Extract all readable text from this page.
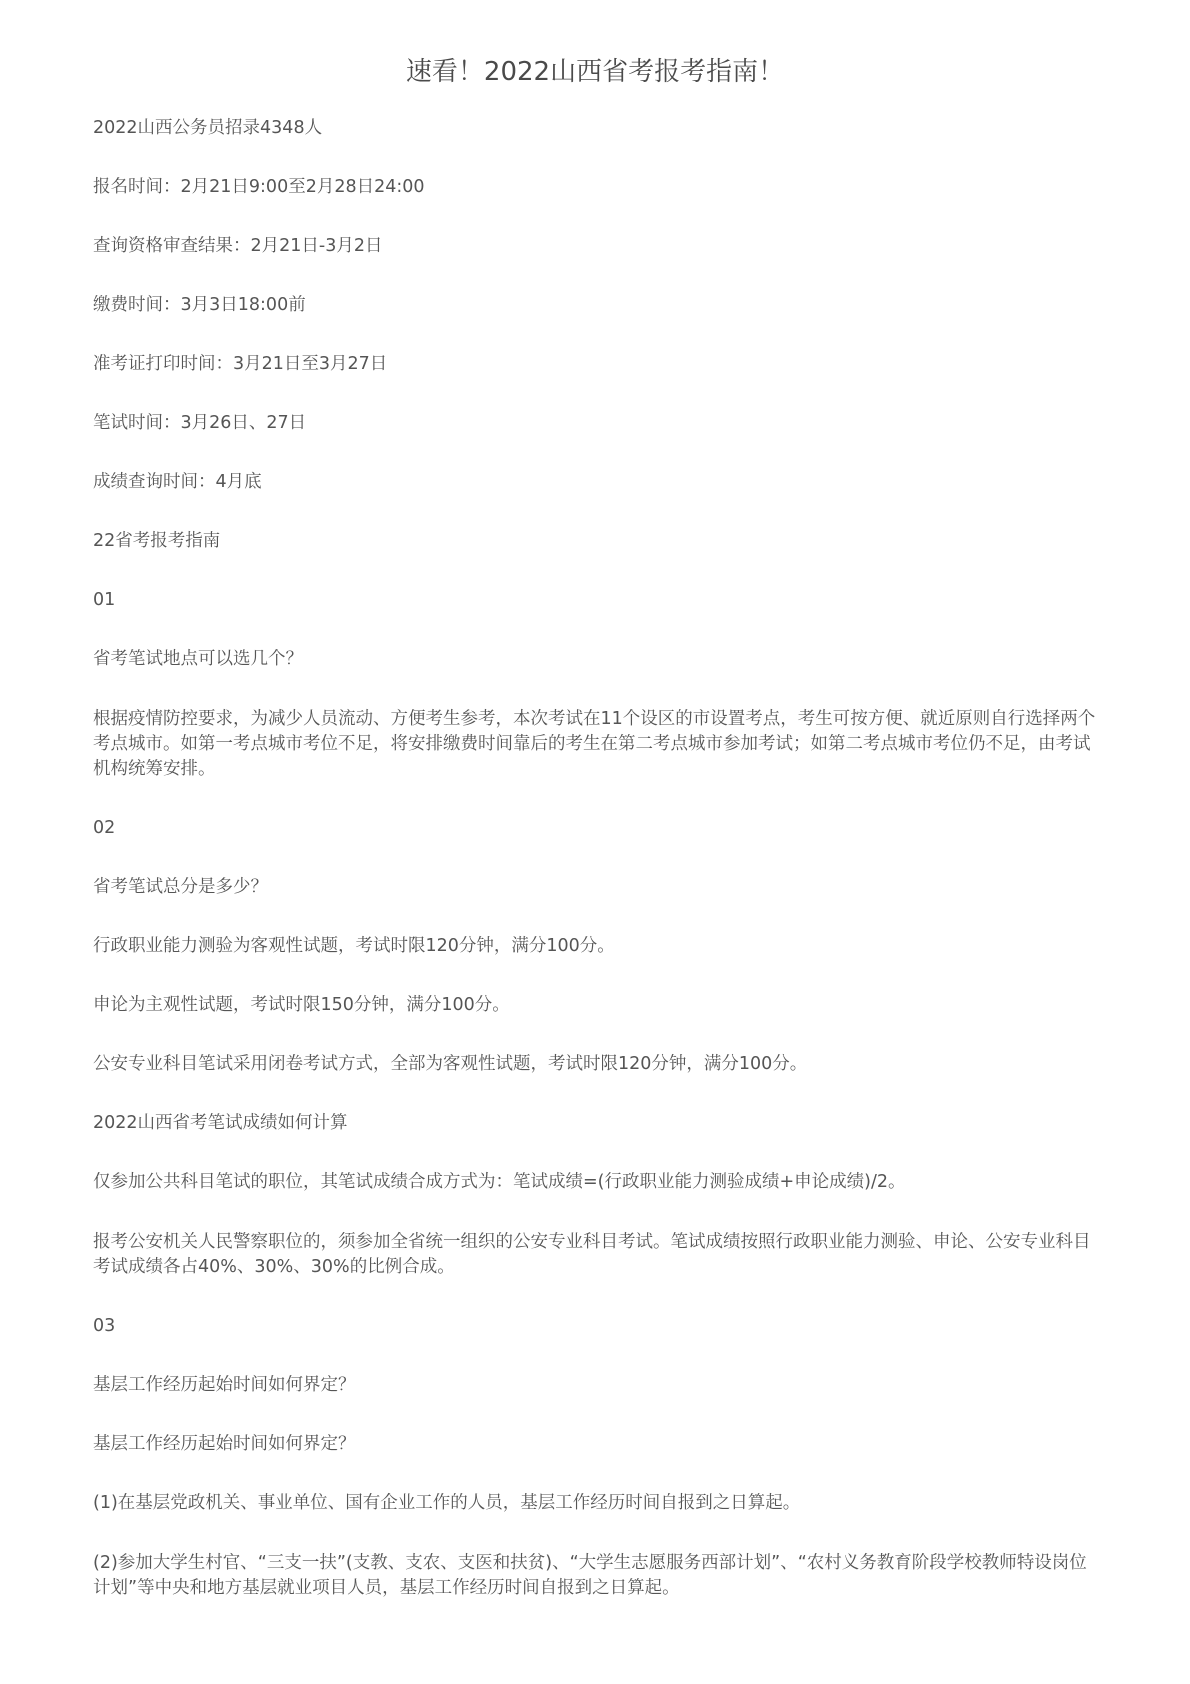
速看！2022山西省考报考指南！

2022山西公务员招录4348人

报名时间：2月21日9:00至2月28日24:00

查询资格审查结果：2月21日-3月2日

缴费时间：3月3日18:00前

准考证打印时间：3月21日至3月27日

笔试时间：3月26日、27日

成绩查询时间：4月底

22省考报考指南

01

省考笔试地点可以选几个？

根据疫情防控要求，为减少人员流动、方便考生参考，本次考试在11个设区的市设置考点，考生可按方便、就近原则自行选择两个考点城市。如第一考点城市考位不足，将安排缴费时间靠后的考生在第二考点城市参加考试；如第二考点城市考位仍不足，由考试机构统筹安排。

02

省考笔试总分是多少？

行政职业能力测验为客观性试题，考试时限120分钟，满分100分。

申论为主观性试题，考试时限150分钟，满分100分。

公安专业科目笔试采用闭卷考试方式，全部为客观性试题，考试时限120分钟，满分100分。

2022山西省考笔试成绩如何计算

仅参加公共科目笔试的职位，其笔试成绩合成方式为：笔试成绩=(行政职业能力测验成绩+申论成绩)/2。

报考公安机关人民警察职位的，须参加全省统一组织的公安专业科目考试。笔试成绩按照行政职业能力测验、申论、公安专业科目考试成绩各占40%、30%、30%的比例合成。

03

基层工作经历起始时间如何界定？

基层工作经历起始时间如何界定？

(1)在基层党政机关、事业单位、国有企业工作的人员，基层工作经历时间自报到之日算起。

(2)参加大学生村官、“三支一扶”(支教、支农、支医和扶贫)、“大学生志愿服务西部计划”、“农村义务教育阶段学校教师特设岗位计划”等中央和地方基层就业项目人员，基层工作经历时间自报到之日算起。
